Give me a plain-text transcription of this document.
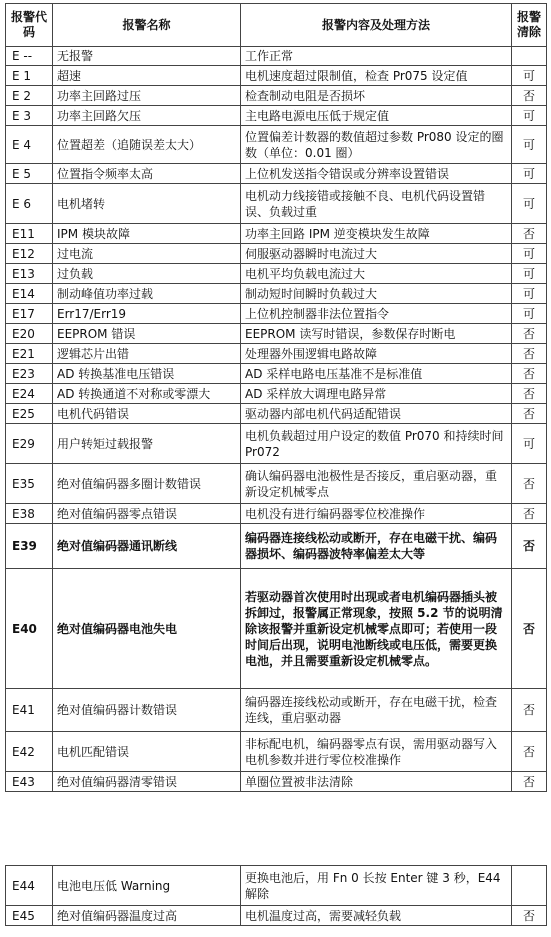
报警代码	报警名称	报警内容及处理方法	报警清除
E --	无报警	工作正常	
E 1	超速	电机速度超过限制值，检查 Pr075 设定值	可
E 2	功率主回路过压	检查制动电阻是否损坏	否
E 3	功率主回路欠压	主电路电源电压低于规定值	可
E 4	位置超差（追随误差太大）	位置偏差计数器的数值超过参数 Pr080 设定的圈数（单位：0.01 圈）	可
E 5	位置指令频率太高	上位机发送指令错误或分辨率设置错误	可
E 6	电机堵转	电机动力线接错或接触不良、电机代码设置错误、负载过重	可
E11	IPM 模块故障	功率主回路 IPM 逆变模块发生故障	否
E12	过电流	伺服驱动器瞬时电流过大	可
E13	过负载	电机平均负载电流过大	可
E14	制动峰值功率过载	制动短时间瞬时负载过大	可
E17	Err17/Err19	上位机控制器非法位置指令	可
E20	EEPROM 错误	EEPROM 读写时错误，参数保存时断电	否
E21	逻辑芯片出错	处理器外围逻辑电路故障	否
E23	AD 转换基准电压错误	AD 采样电路电压基准不是标准值	否
E24	AD 转换通道不对称或零漂大	AD 采样放大调理电路异常	否
E25	电机代码错误	驱动器内部电机代码适配错误	否
E29	用户转矩过载报警	电机负载超过用户设定的数值 Pr070 和持续时间 Pr072	可
E35	绝对值编码器多圈计数错误	确认编码器电池极性是否接反，重启驱动器，重新设定机械零点	否
E38	绝对值编码器零点错误	电机没有进行编码器零位校准操作	否
E39	绝对值编码器通讯断线	编码器连接线松动或断开，存在电磁干扰、编码器损坏、编码器波特率偏差太大等	否
E40	绝对值编码器电池失电	若驱动器首次使用时出现或者电机编码器插头被拆卸过，报警属正常现象，按照 5.2 节的说明清除该报警并重新设定机械零点即可；若使用一段时间后出现，说明电池断线或电压低，需要更换电池，并且需要重新设定机械零点。	否
E41	绝对值编码器计数错误	编码器连接线松动或断开，存在电磁干扰，检查连线，重启驱动器	否
E42	电机匹配错误	非标配电机，编码器零点有误，需用驱动器写入电机参数并进行零位校准操作	否
E43	绝对值编码器清零错误	单圈位置被非法清除	否
E44	电池电压低 Warning	更换电池后，用 Fn 0 长按 Enter 键 3 秒，E44 解除	
E45	绝对值编码器温度过高	电机温度过高，需要减轻负载	否
